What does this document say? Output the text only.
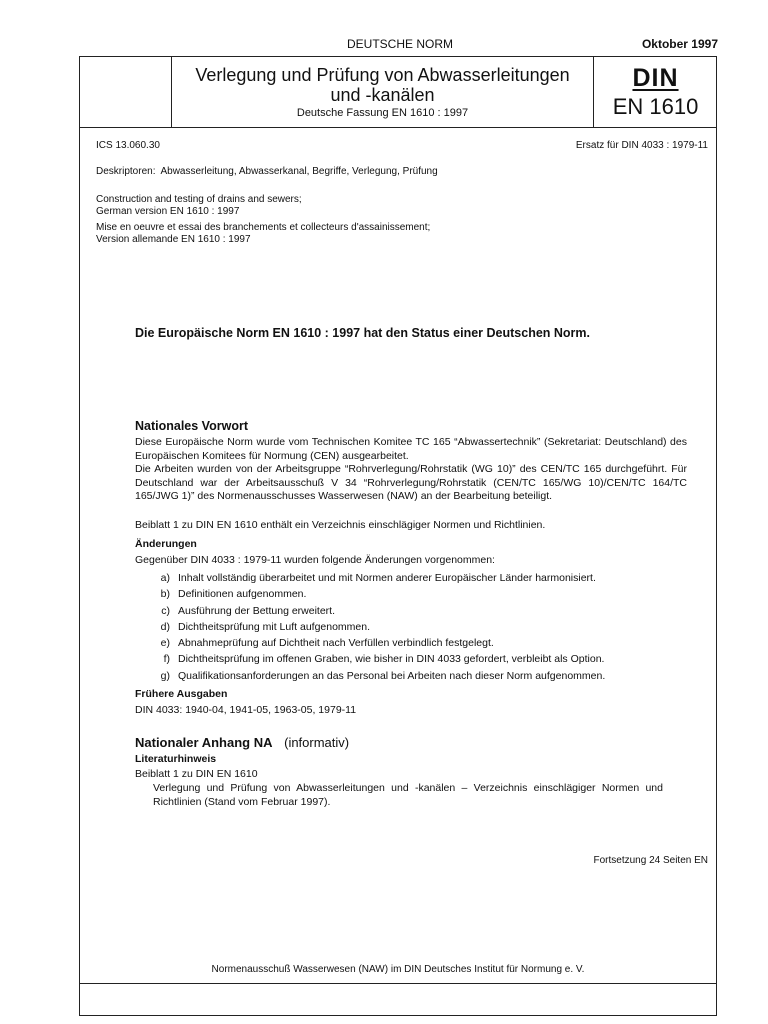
DEUTSCHE NORM	Oktober 1997
Verlegung und Prüfung von Abwasserleitungen
und -kanälen
Deutsche Fassung EN 1610 : 1997
DIN
EN 1610
ICS 13.060.30	Ersatz für DIN 4033 : 1979-11
Deskriptoren:  Abwasserleitung, Abwasserkanal, Begriffe, Verlegung, Prüfung
Construction and testing of drains and sewers;
German version EN 1610 : 1997
Mise en oeuvre et essai des branchements et collecteurs d'assainissement;
Version allemande EN 1610 : 1997
Die Europäische Norm EN 1610 : 1997 hat den Status einer Deutschen Norm.
Nationales Vorwort
Diese Europäische Norm wurde vom Technischen Komitee TC 165 “Abwassertechnik” (Sekretariat: Deutschland) des Europäischen Komitees für Normung (CEN) ausgearbeitet.
Die Arbeiten wurden von der Arbeitsgruppe “Rohrverlegung/Rohrstatik (WG 10)” des CEN/TC 165 durchgeführt. Für Deutschland war der Arbeitsausschuß V 34 “Rohrverlegung/Rohrstatik (CEN/TC 165/WG 10)/CEN/TC 164/TC 165/JWG 1)” des Normenausschusses Wasserwesen (NAW) an der Bearbeitung beteiligt.
Beiblatt 1 zu DIN EN 1610 enthält ein Verzeichnis einschlägiger Normen und Richtlinien.
Änderungen
Gegenüber DIN 4033 : 1979-11 wurden folgende Änderungen vorgenommen:
a) Inhalt vollständig überarbeitet und mit Normen anderer Europäischer Länder harmonisiert.
b) Definitionen aufgenommen.
c) Ausführung der Bettung erweitert.
d) Dichtheitsprüfung mit Luft aufgenommen.
e) Abnahmeprüfung auf Dichtheit nach Verfüllen verbindlich festgelegt.
f) Dichtheitsprüfung im offenen Graben, wie bisher in DIN 4033 gefordert, verbleibt als Option.
g) Qualifikationsanforderungen an das Personal bei Arbeiten nach dieser Norm aufgenommen.
Frühere Ausgaben
DIN 4033: 1940-04, 1941-05, 1963-05, 1979-11
Nationaler Anhang NA (informativ)
Literaturhinweis
Beiblatt 1 zu DIN EN 1610
Verlegung und Prüfung von Abwasserleitungen und -kanälen – Verzeichnis einschlägiger Normen und Richtlinien (Stand vom Februar 1997).
Fortsetzung 24 Seiten EN
Normenausschuß Wasserwesen (NAW) im DIN Deutsches Institut für Normung e. V.
